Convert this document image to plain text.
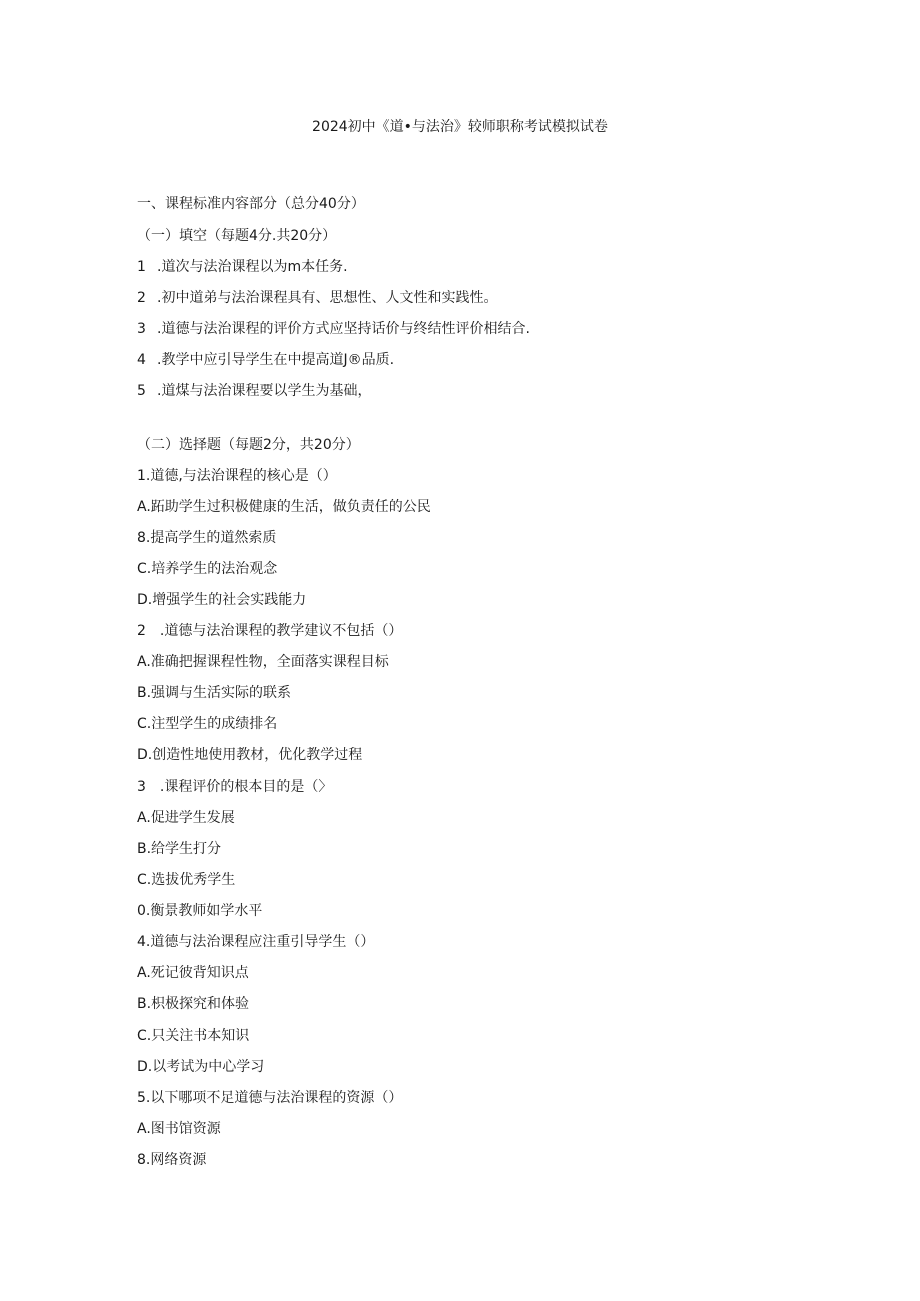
2024初中《道•与法治》较师职称考试模拟试卷
一、课程标准内容部分（总分40分）
（一）填空（每题4分.共20分）
1 .道次与法治课程以为m本任务.
2 .初中道弟与法治课程具有、思想性、人文性和实践性。
3 .道德与法治课程的评价方式应坚持话价与终结性评价相结合.
4 .教学中应引导学生在中提高道J®品质.
5 .道煤与法治课程要以学生为基础，
（二）选择题（每题2分，共20分）
1.道德,与法治课程的核心是（）
A.跖助学生过积极健康的生活，做负责任的公民
8.提高学生的道然索质
C.培养学生的法治观念
D.增强学生的社会实践能力
2　.道德与法治课程的教学建议不包括（）
A.准确把握课程性物，全面落实课程目标
B.强调与生活实际的联系
C.注型学生的成绩排名
D.创造性地使用教材，优化教学过程
3　.课程评价的根本目的是（〉
A.促进学生发展
B.给学生打分
C.选拔优秀学生
0.衡景教师如学水平
4.道德与法治课程应注重引导学生（）
A.死记彼背知识点
B.枳极探究和体验
C.只关注书本知识
D.以考试为中心学习
5.以下哪项不足道德与法治课程的资源（）
A.图书馆资源
8.网络资源
